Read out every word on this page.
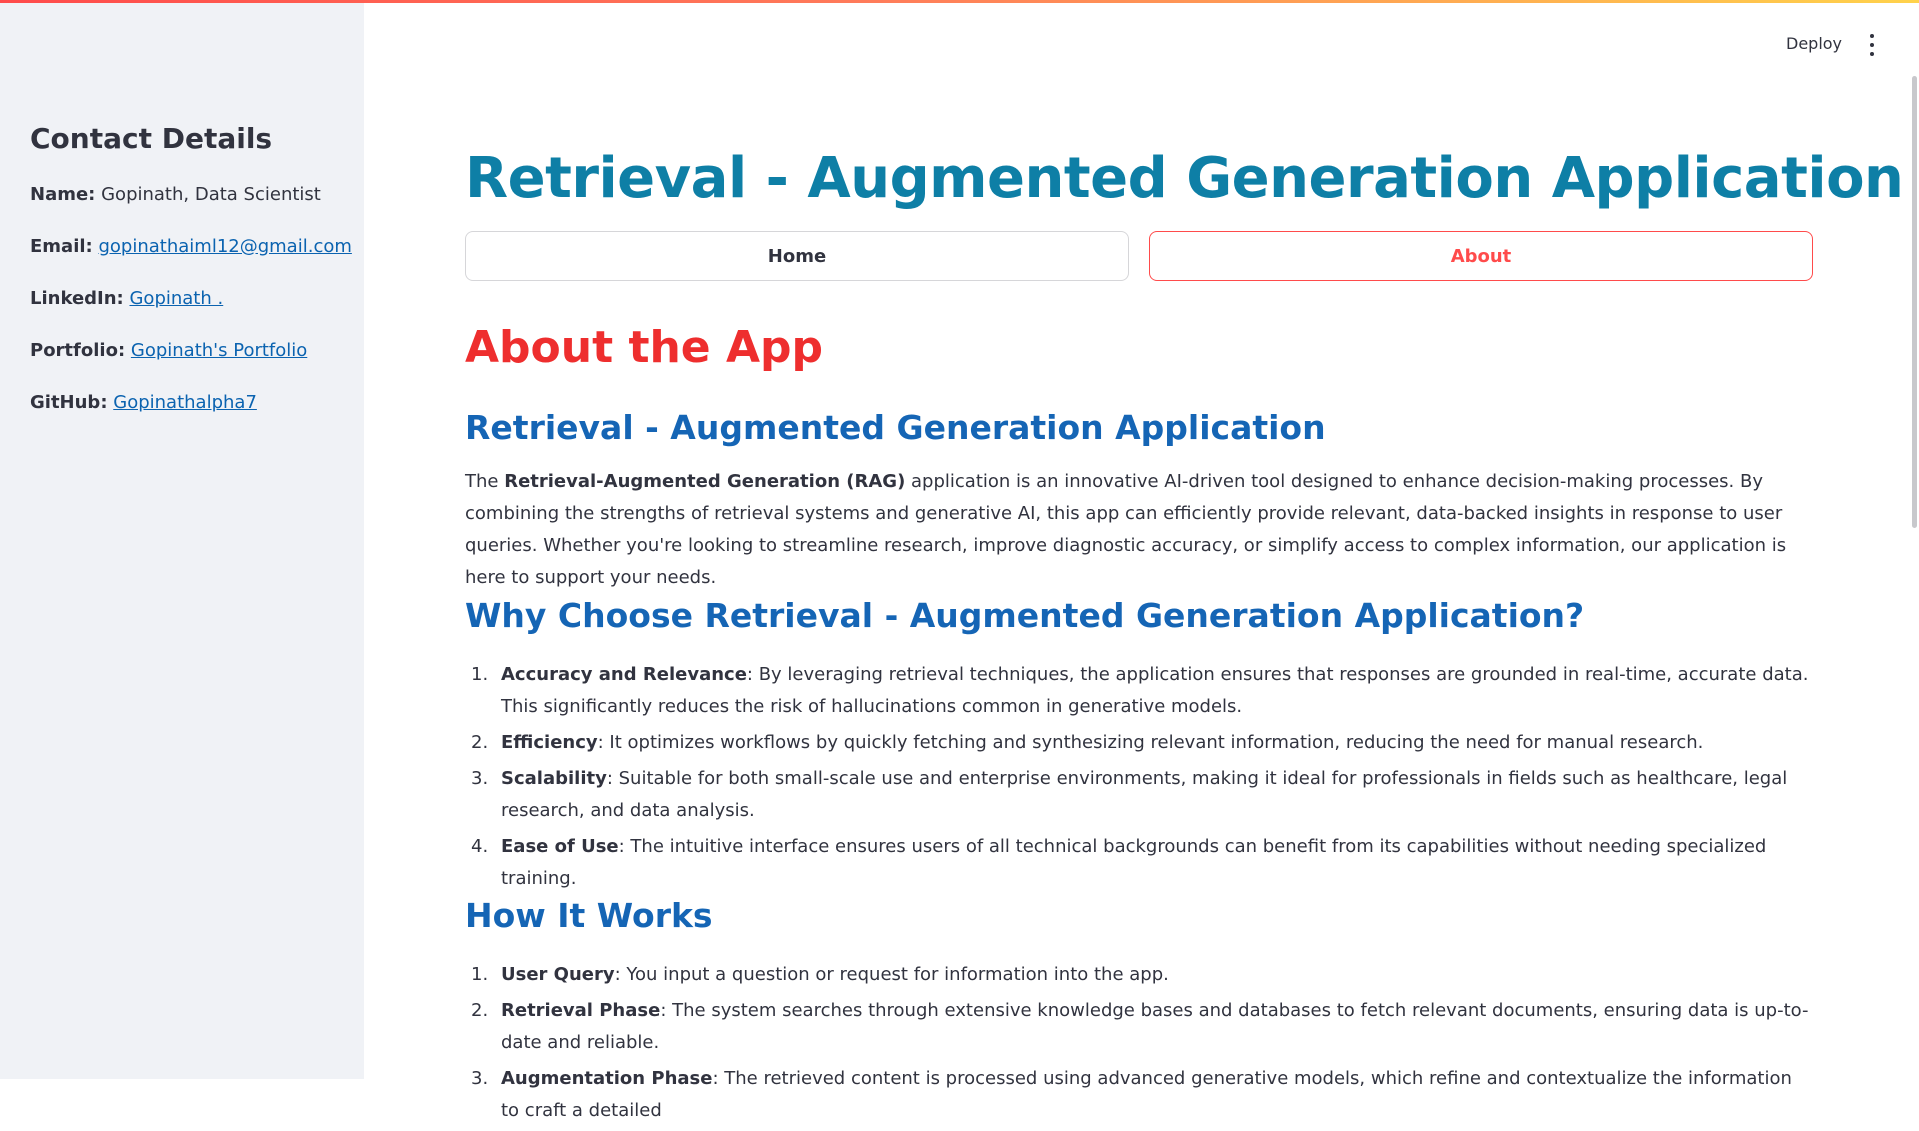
Contact Details
Name: Gopinath, Data Scientist
Email: gopinathaiml12@gmail.com
LinkedIn: Gopinath .
Portfolio: Gopinath's Portfolio
GitHub: Gopinathalpha7
Deploy
Retrieval - Augmented Generation Application
Home	About
About the App
Retrieval - Augmented Generation Application

The Retrieval-Augmented Generation (RAG) application is an innovative AI-driven tool designed to enhance decision-making processes. By combining the strengths of retrieval systems and generative AI, this app can efficiently provide relevant, data-backed insights in response to user queries. Whether you're looking to streamline research, improve diagnostic accuracy, or simplify access to complex information, our application is here to support your needs.

Why Choose Retrieval - Augmented Generation Application?
1. Accuracy and Relevance: By leveraging retrieval techniques, the application ensures that responses are grounded in real-time, accurate data. This significantly reduces the risk of hallucinations common in generative models.
2. Efficiency: It optimizes workflows by quickly fetching and synthesizing relevant information, reducing the need for manual research.
3. Scalability: Suitable for both small-scale use and enterprise environments, making it ideal for professionals in fields such as healthcare, legal research, and data analysis.
4. Ease of Use: The intuitive interface ensures users of all technical backgrounds can benefit from its capabilities without needing specialized training.
How It Works
1. User Query: You input a question or request for information into the app.
2. Retrieval Phase: The system searches through extensive knowledge bases and databases to fetch relevant documents, ensuring data is up-to-date and reliable.
3. Augmentation Phase: The retrieved content is processed using advanced generative models, which refine and contextualize the information to craft a detailed
